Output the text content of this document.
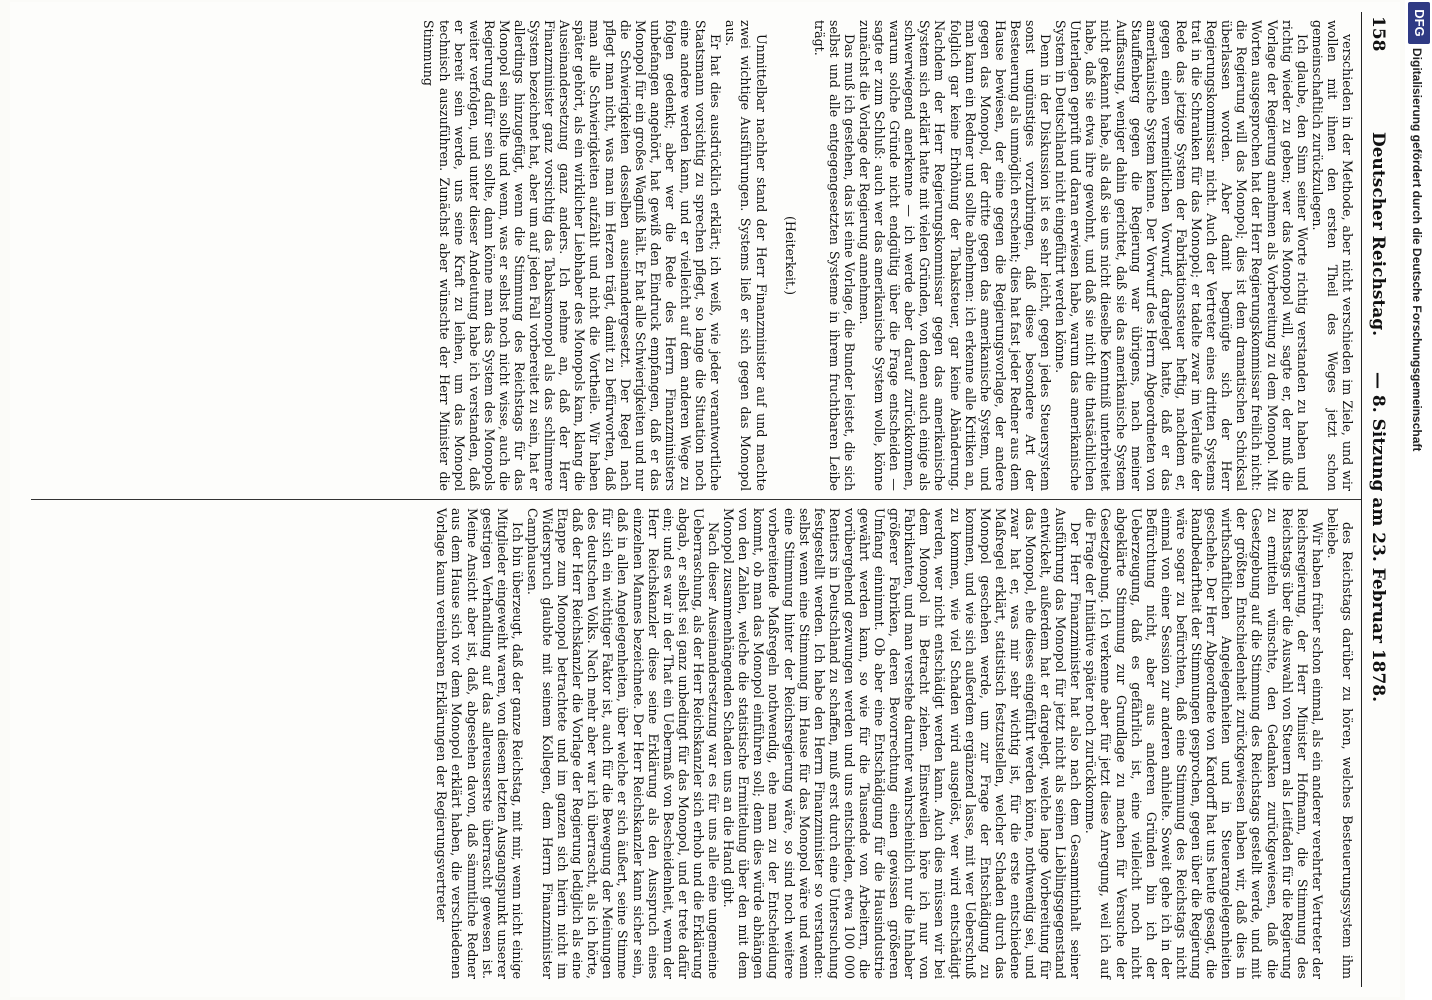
158
Deutscher Reichstag.
— 8. Sitzung am 23. Februar 1878.

verschieden in der Methode, aber nicht verschieden im Ziele, und wir wollen mit ihnen den ersten Theil des Weges jetzt schon gemeinschaftlich zurückzulegen.

Ich glaube, den Sinn seiner Worte richtig verstanden zu haben und richtig wieder zu geben; wer das Monopol will, sagte er, der muß die Vorlage der Regierung annehmen als Vorbereitung zu dem Monopol. Mit Worten ausgesprochen hat der Herr Regierungskommissar freilich nicht: die Regierung will das Monopol; dies ist dem dramatischen Schicksal überlassen worden. Aber damit begnügte sich der Herr Regierungskommissar nicht. Auch der Vertreter eines dritten Systems trat in die Schranken für das Monopol; er tadelte zwar im Verlaufe der Rede das jetzige System der Fabrikationssteuer heftig, nachdem er, gegen einen vermeintlichen Vorwurf, dargelegt hatte, daß er das amerikanische System kenne. Der Vorwurf des Herrn Abgeordneten von Stauffenberg gegen die Regierung war übrigens, nach meiner Auffassung, weniger dahin gerichtet, daß sie das amerikanische System nicht gekannt habe, als daß sie uns nicht dieselbe Kenntniß unterbreitet habe, daß sie etwa ihre gewohnt, und daß sie nicht die thatsächlichen Unterlagen geprüft und daran erwiesen habe, warum das amerikanische System in Deutschland nicht eingeführt werden könne.

Denn in der Diskussion ist es sehr leicht, gegen jedes Steuersystem sonst ungünstiges vorzubringen, daß diese besondere Art der Besteuerung als unmöglich erscheint; dies hat fast jeder Redner aus dem Hause bewiesen, der eine gegen die Regierungsvorlage, der andere gegen das Monopol, der dritte gegen das amerikanische System, und man kann ein Redner und sollte abnehmen: ich erkenne alle Kritiken an, folglich gar keine Erhöhung der Tabaksteuer, gar keine Abänderung. Nachdem der Herr Regierungskommissar gegen das amerikanische System sich erklärt hatte mit vielen Gründen, von denen auch einige als schwerwiegend anerkenne — ich werde aber darauf zurückkommen, warum solche Gründe nicht endgültig über die Frage entscheiden — sagte er zum Schluß: auch wer das amerikanische System wolle, könne zunächst die Vorlage der Regierung annehmen.

Das muß ich gestehen, das ist eine Vorlage, die Bunder leistet, die sich selbst und alle entgegengesetzten Systeme in ihrem fruchtbaren Leibe trägt.

(Heiterkeit.)

Unmittelbar nachher stand der Herr Finanzminister auf und machte zwei wichtige Ausführungen. Systems ließ er sich gegen das Monopol aus.

Er hat dies ausdrücklich erklärt; ich weiß, wie jeder verantwortliche Staatsmann vorsichtig zu sprechen pflegt, so lange die Situation noch eine andere werden kann, und er vielleicht auf dem anderen Wege zu folgen gedenkt; aber wer die Rede des Herrn Finanzministers unbefangen angehört, hat gewiß den Eindruck empfangen, daß er das Monopol für ein großes Wagniß hält. Er hat alle Schwierigkeiten und nur die Schwierigkeiten desselben auseinandergesetzt. Der Regel nach pflegt man nicht, was man im Herzen trägt, damit zu befürworten, daß man alle Schwierigkeiten aufzählt und nicht die Vortheile. Wir haben später gehört, als ein wirklicher Liebhaber des Monopols kam, klang die Auseinandersetzung ganz anders. Ich nehme an, daß der Herr Finanzminister ganz vorsichtig das Tabaksmonopol als das schlimmere System bezeichnet hat, aber um auf jeden Fall vorbereitet zu sein, hat er allerdings hinzugefügt, wenn die Stimmung des Reichstags für das Monopol sein sollte und wenn, was er selbst noch nicht wisse, auch die Regierung dafür sein sollte, dann könne man das System des Monopols weiter verfolgen, und unter dieser Andeutung habe ich verstanden, daß er bereit sein werde, uns seine Kraft zu leihen, um das Monopol technisch auszuführen. Zunächst aber wünschte der Herr Minister die Stimmung

des Reichstags darüber zu hören, welches Besteuerungssystem ihm beliebe.

Wir haben früher schon einmal, als ein anderer verehrter Vertreter der Reichsregierung, der Herr Minister Hofmann, die Stimmung des Reichstags über die Auswahl von Steuern als Leitfaden für die Regierung zu ermitteln wünschte, den Gedanken zurückgewiesen, daß die Gesetzgebung auf die Stimmung des Reichstags gestellt werde, und mit der größten Entschiedenheit zurückgewiesen haben wir, daß dies in wirthschaftlichen Angelegenheiten und in Steuerangelegenheiten geschehe. Der Herr Abgeordnete von Kardorff hat uns heute gesagt, die Randbedarftheit der Stimmungen gesprochen, gegen über die Regierung wäre sogar zu befürchten, daß eine Stimmung des Reichstags nicht einmal von einer Session zur anderen anhielte. Soweit gehe ich in der Befürchtung nicht, aber aus anderen Gründen bin ich der Ueberzeugung, daß es gefährlich ist, eine vielleicht noch nicht abgeklärte Stimmung zur Grundlage zu machen für Versuche der Gesetzgebung. Ich verkenne aber für jetzt diese Anregung, weil ich auf die Frage der Initiative später noch zurückkomme.

Der Herr Finanzminister hat also nach dem Gesammtinhalt seiner Ausführung das Monopol für jetzt nicht als seinen Lieblingsgegenstand entwickelt, außerdem hat er dargelegt, welche lange Vorbereitung für das Monopol, ehe dieses eingeführt werden könne, nothwendig sei, und zwar hat er, was mir sehr wichtig ist, für die erste entschiedene Maßregel erklärt, statistisch festzustellen, welcher Schaden durch das Monopol geschehen werde, um zur Frage der Entschädigung zu kommen, und wie sich außerdem ergänzend lasse, mit wer Ueberschuß zu kommen, wie viel Schaden wird ausgelöst, wer wird entschädigt werden, wer nicht entschädigt werden kann. Auch dies müssen wir bei dem Monopol in Betracht ziehen. Einstweilen höre ich nur von Fabrikanten, und man verstehe darunter wahrscheinlich nur die Inhaber größerer Fabriken, deren Bevorrechtung einen gewissen größeren Umfang einnimmt. Ob aber eine Entschädigung für die Hausindustrie gewährt werden kann, so wie für die Tausende von Arbeitern, die vorübergehend gezwungen werden und uns entschieden, etwa 100 000 Rentiers in Deutschland zu schaffen, muß erst durch eine Untersuchung festgestellt werden. Ich habe den Herrn Finanzminister so verstanden: selbst wenn eine Stimmung im Hause für das Monopol wäre und wenn eine Stimmung hinter der Reichsregierung wäre, so sind noch weitere vorbereitende Maßregeln nothwendig, ehe man zu der Entscheidung kommt, ob man das Monopol einführen soll; denn dies würde abhängen von den Zahlen, welche die statistische Ermittelung über den mit dem Monopol zusammenhängenden Schaden uns an die Hand gibt.

Nach dieser Auseinandersetzung war es für uns alle eine ungemeine Ueberraschung, als der Herr Reichskanzler sich erhob und die Erklärung abgab, er selbst sei ganz unbedingt für das Monopol, und er trete dafür ein; und es war in der That ein Uebermaß von Bescheidenheit, wenn der Herr Reichskanzler diese seine Erklärung als den Ausspruch eines einzelnen Mannes bezeichnete. Der Herr Reichskanzler kann sicher sein, daß in allen Angelegenheiten, über welche er sich äußert, seine Stimme für sich ein wichtiger Faktor ist, auch für die Bewegung der Meinungen des deutschen Volks. Nach mehr aber war ich überrascht, als ich hörte, daß der Herr Reichskanzler die Vorlage der Regierung lediglich als eine Etappe zum Monopol betrachtete und im ganzen sich hierin nicht im Widerspruch glaubte mit seinem Kollegen, dem Herrn Finanzminister Camphausen.

Ich bin überzeugt, daß der ganze Reichstag, mit mir, wenn nicht einige Mitglieder eingeweiht waren, von diesem letzten Ausgangspunkt unserer gestrigen Verhandlung auf das allereusserste überrascht gewesen ist. Meine Ansicht aber ist, daß, abgesehen davon, daß sämmtliche Redner aus dem Hause sich vor dem Monopol erklärt haben, die verschiedenen Vorlage kaum vereinbaren Erklärungen der Regierungsvertreter

DFG
Digitalisierung gefördert durch die Deutsche Forschungsgemeinschaft
